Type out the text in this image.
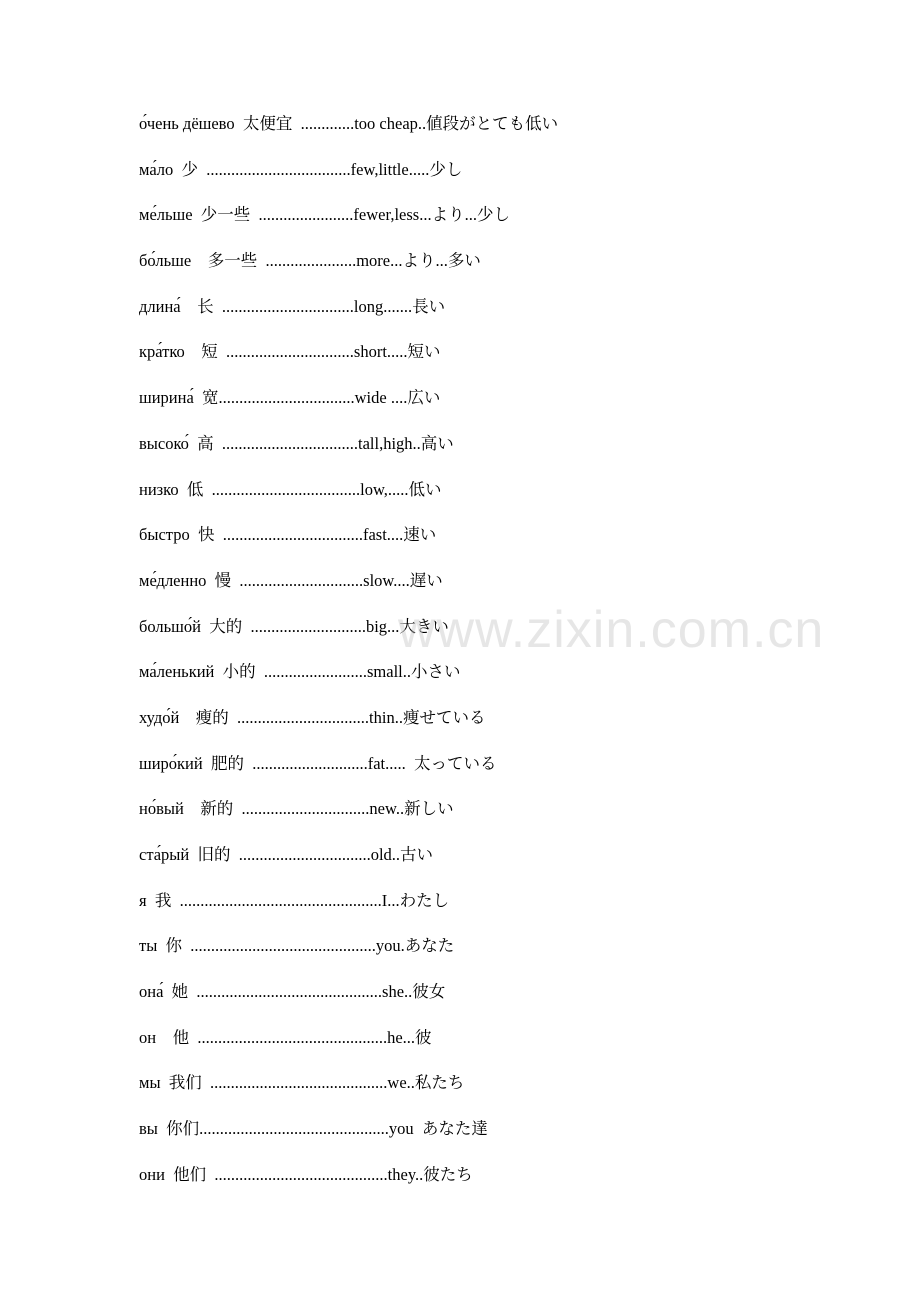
о́чень дёшево  太便宜  .............too cheap..値段がとても低い
ма́ло  少  ...................................few,little.....少し
ме́льше  少一些  .......................fewer,less...より...少し
бо́льше    多一些  ......................more...より...多い
длина́    长  ................................long.......長い
кра́тко    短  ...............................short.....短い
ширина́  宽.................................wide ....広い
высоко́  高  .................................tall,high..高い
низко  低  ....................................low,.....低い
быстро  快  ..................................fast....速い
ме́дленно  慢  ..............................slow....遅い
большо́й  大的  ............................big...大きい
ма́ленький  小的  .........................small..小さい
худо́й    瘦的  ................................thin..痩せている
широ́кий  肥的  ............................fat.....  太っている
но́вый    新的  ...............................new..新しい
ста́рый  旧的  ................................old..古い
я  我  .................................................I...わたし
ты  你  .............................................you.あなた
она́  她  .............................................she..彼女
он    他  ..............................................he...彼
мы  我们  ...........................................we..私たち
вы  你们..............................................you  あなた達
они  他们  ..........................................they..彼たち
www.zixin.com.cn
